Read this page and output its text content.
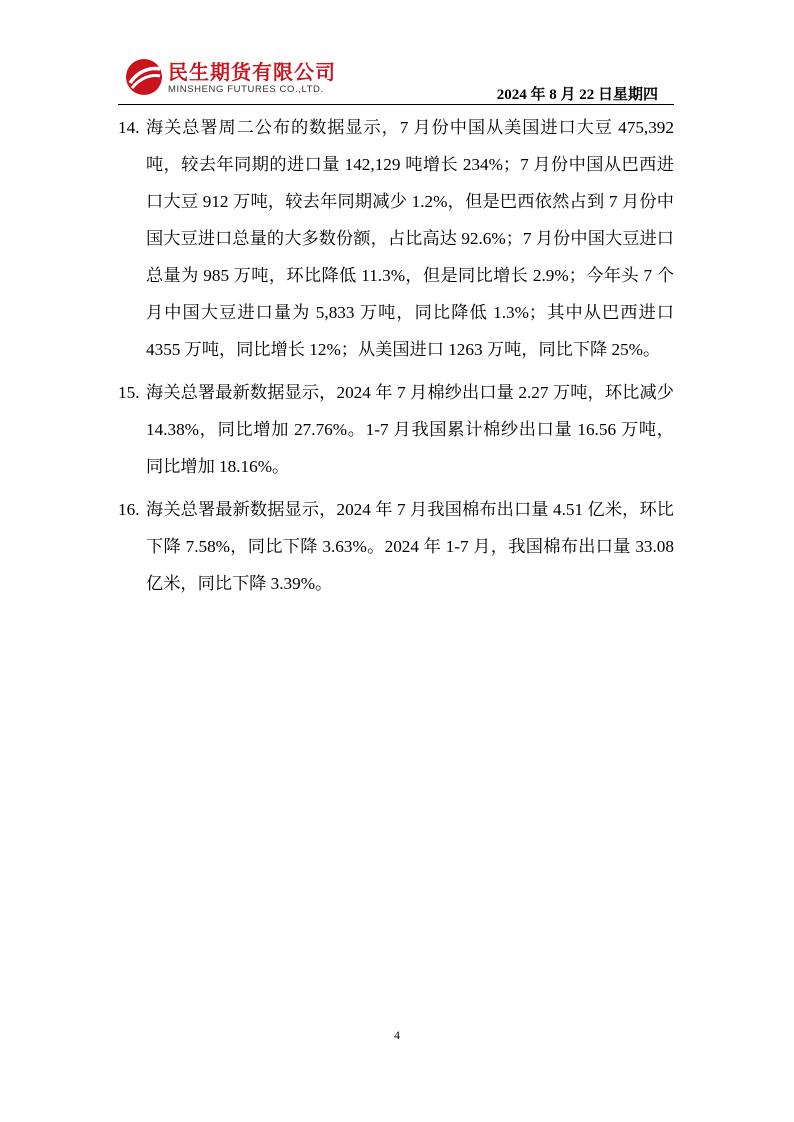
民生期货有限公司
MINSHENG FUTURES CO.,LTD.	2024 年 8 月 22 日星期四
14. 海关总署周二公布的数据显示，7 月份中国从美国进口大豆 475,392 吨，较去年同期的进口量 142,129 吨增长 234%；7 月份中国从巴西进口大豆 912 万吨，较去年同期减少 1.2%，但是巴西依然占到 7 月份中国大豆进口总量的大多数份额，占比高达 92.6%；7 月份中国大豆进口总量为 985 万吨，环比降低 11.3%，但是同比增长 2.9%；今年头 7 个月中国大豆进口量为 5,833 万吨，同比降低 1.3%；其中从巴西进口 4355 万吨，同比增长 12%；从美国进口 1263 万吨，同比下降 25%。
15. 海关总署最新数据显示，2024 年 7 月棉纱出口量 2.27 万吨，环比减少 14.38%，同比增加 27.76%。1-7 月我国累计棉纱出口量 16.56 万吨，同比增加 18.16%。
16. 海关总署最新数据显示，2024 年 7 月我国棉布出口量 4.51 亿米，环比下降 7.58%，同比下降 3.63%。2024 年 1-7 月，我国棉布出口量 33.08 亿米，同比下降 3.39%。
4
